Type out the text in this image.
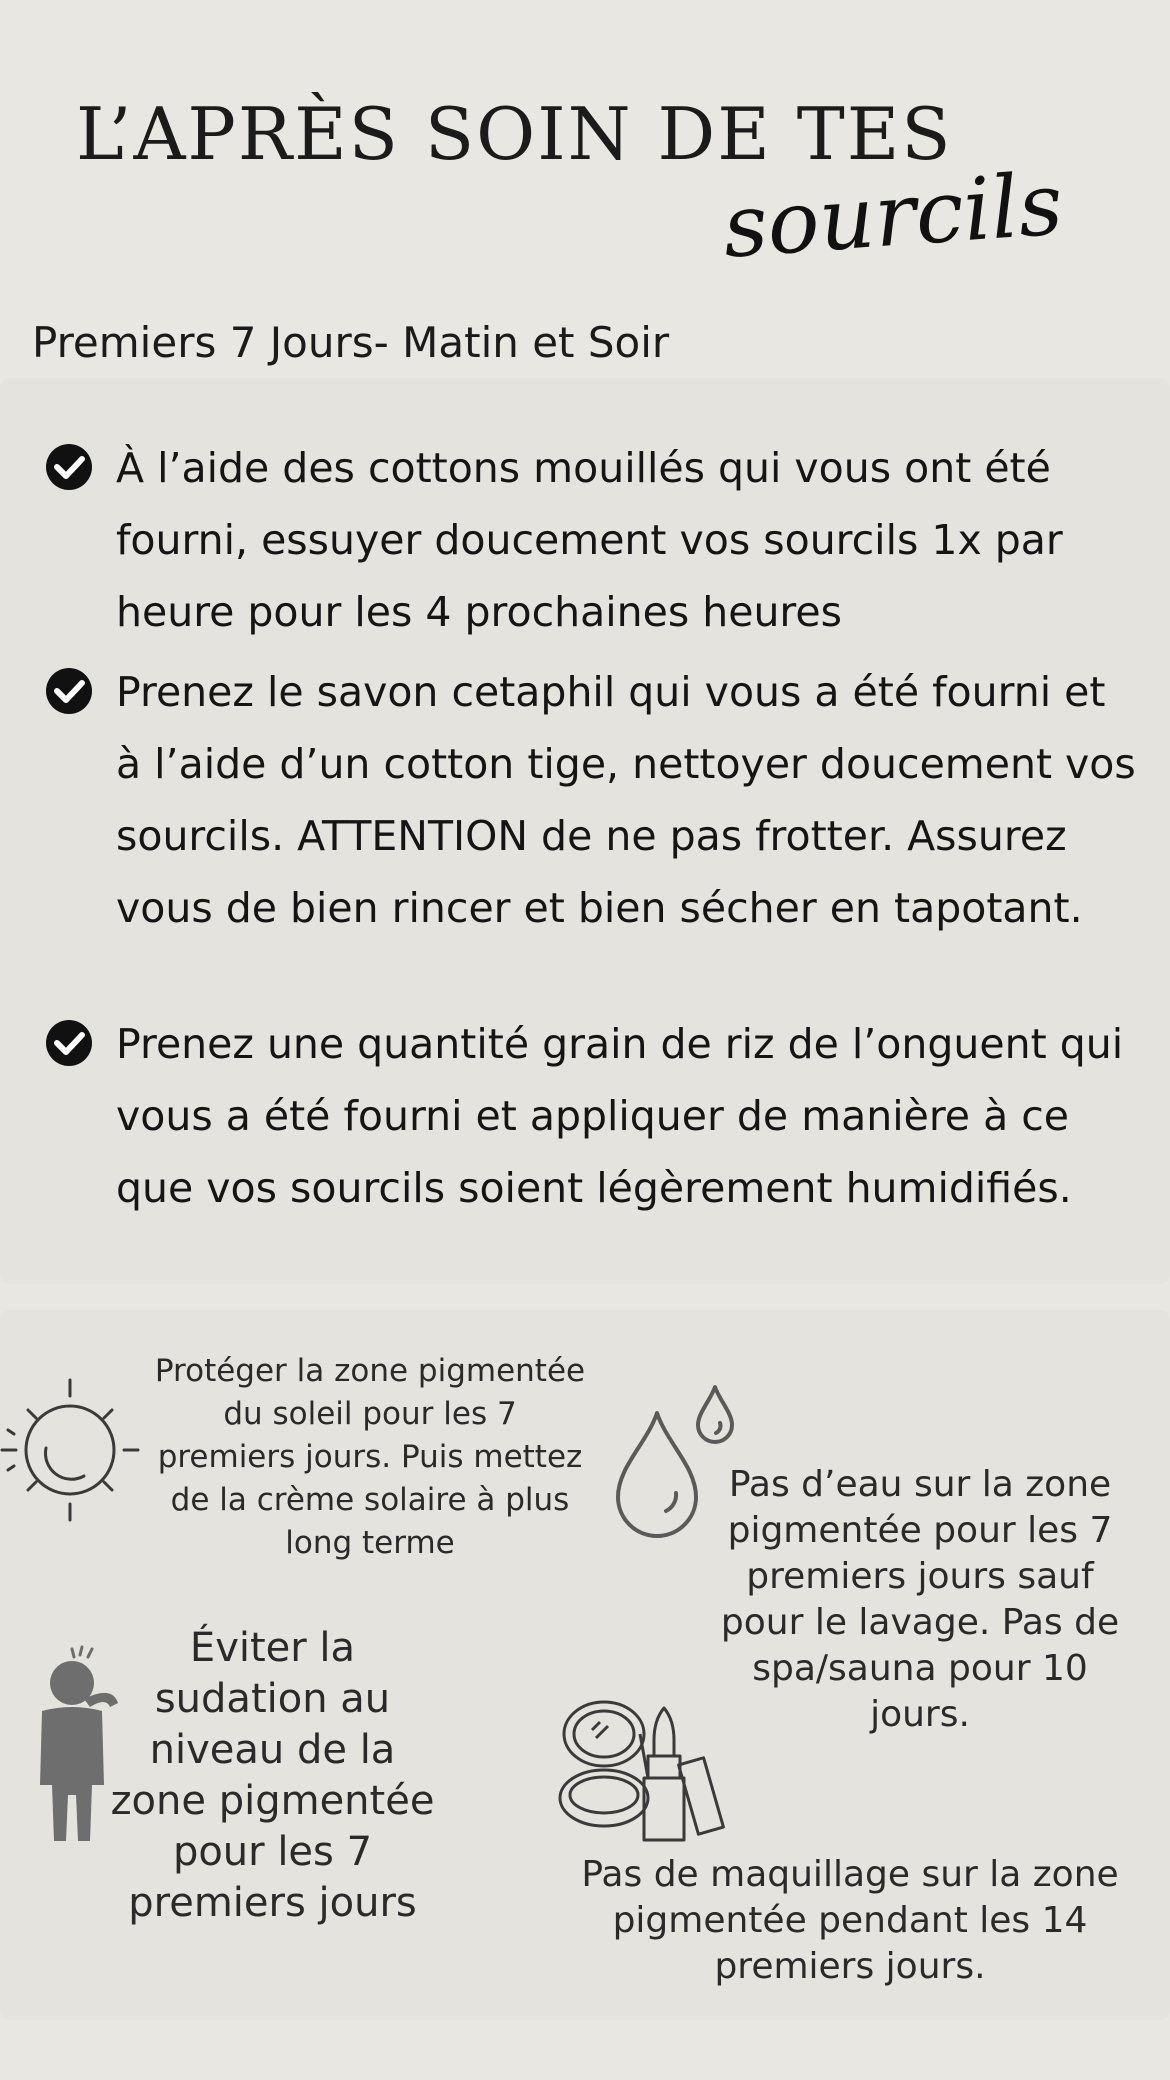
L’APRÈS SOIN DE TES
sourcils

Premiers 7 Jours- Matin et Soir

À l’aide des cottons mouillés qui vous ont été fourni, essuyer doucement vos sourcils 1x par heure pour les 4 prochaines heures

Prenez le savon cetaphil qui vous a été fourni et à l’aide d’un cotton tige, nettoyer doucement vos sourcils. ATTENTION de ne pas frotter. Assurez vous de bien rincer et bien sécher en tapotant.

Prenez une quantité grain de riz de l’onguent qui vous a été fourni et appliquer de manière à ce que vos sourcils soient légèrement humidifiés.

Protéger la zone pigmentée du soleil pour les 7 premiers jours. Puis mettez de la crème solaire à plus long terme

Pas d’eau sur la zone pigmentée pour les 7 premiers jours sauf pour le lavage. Pas de spa/sauna pour 10 jours.

Éviter la sudation au niveau de la zone pigmentée pour les 7 premiers jours

Pas de maquillage sur la zone pigmentée pendant les 14 premiers jours.
